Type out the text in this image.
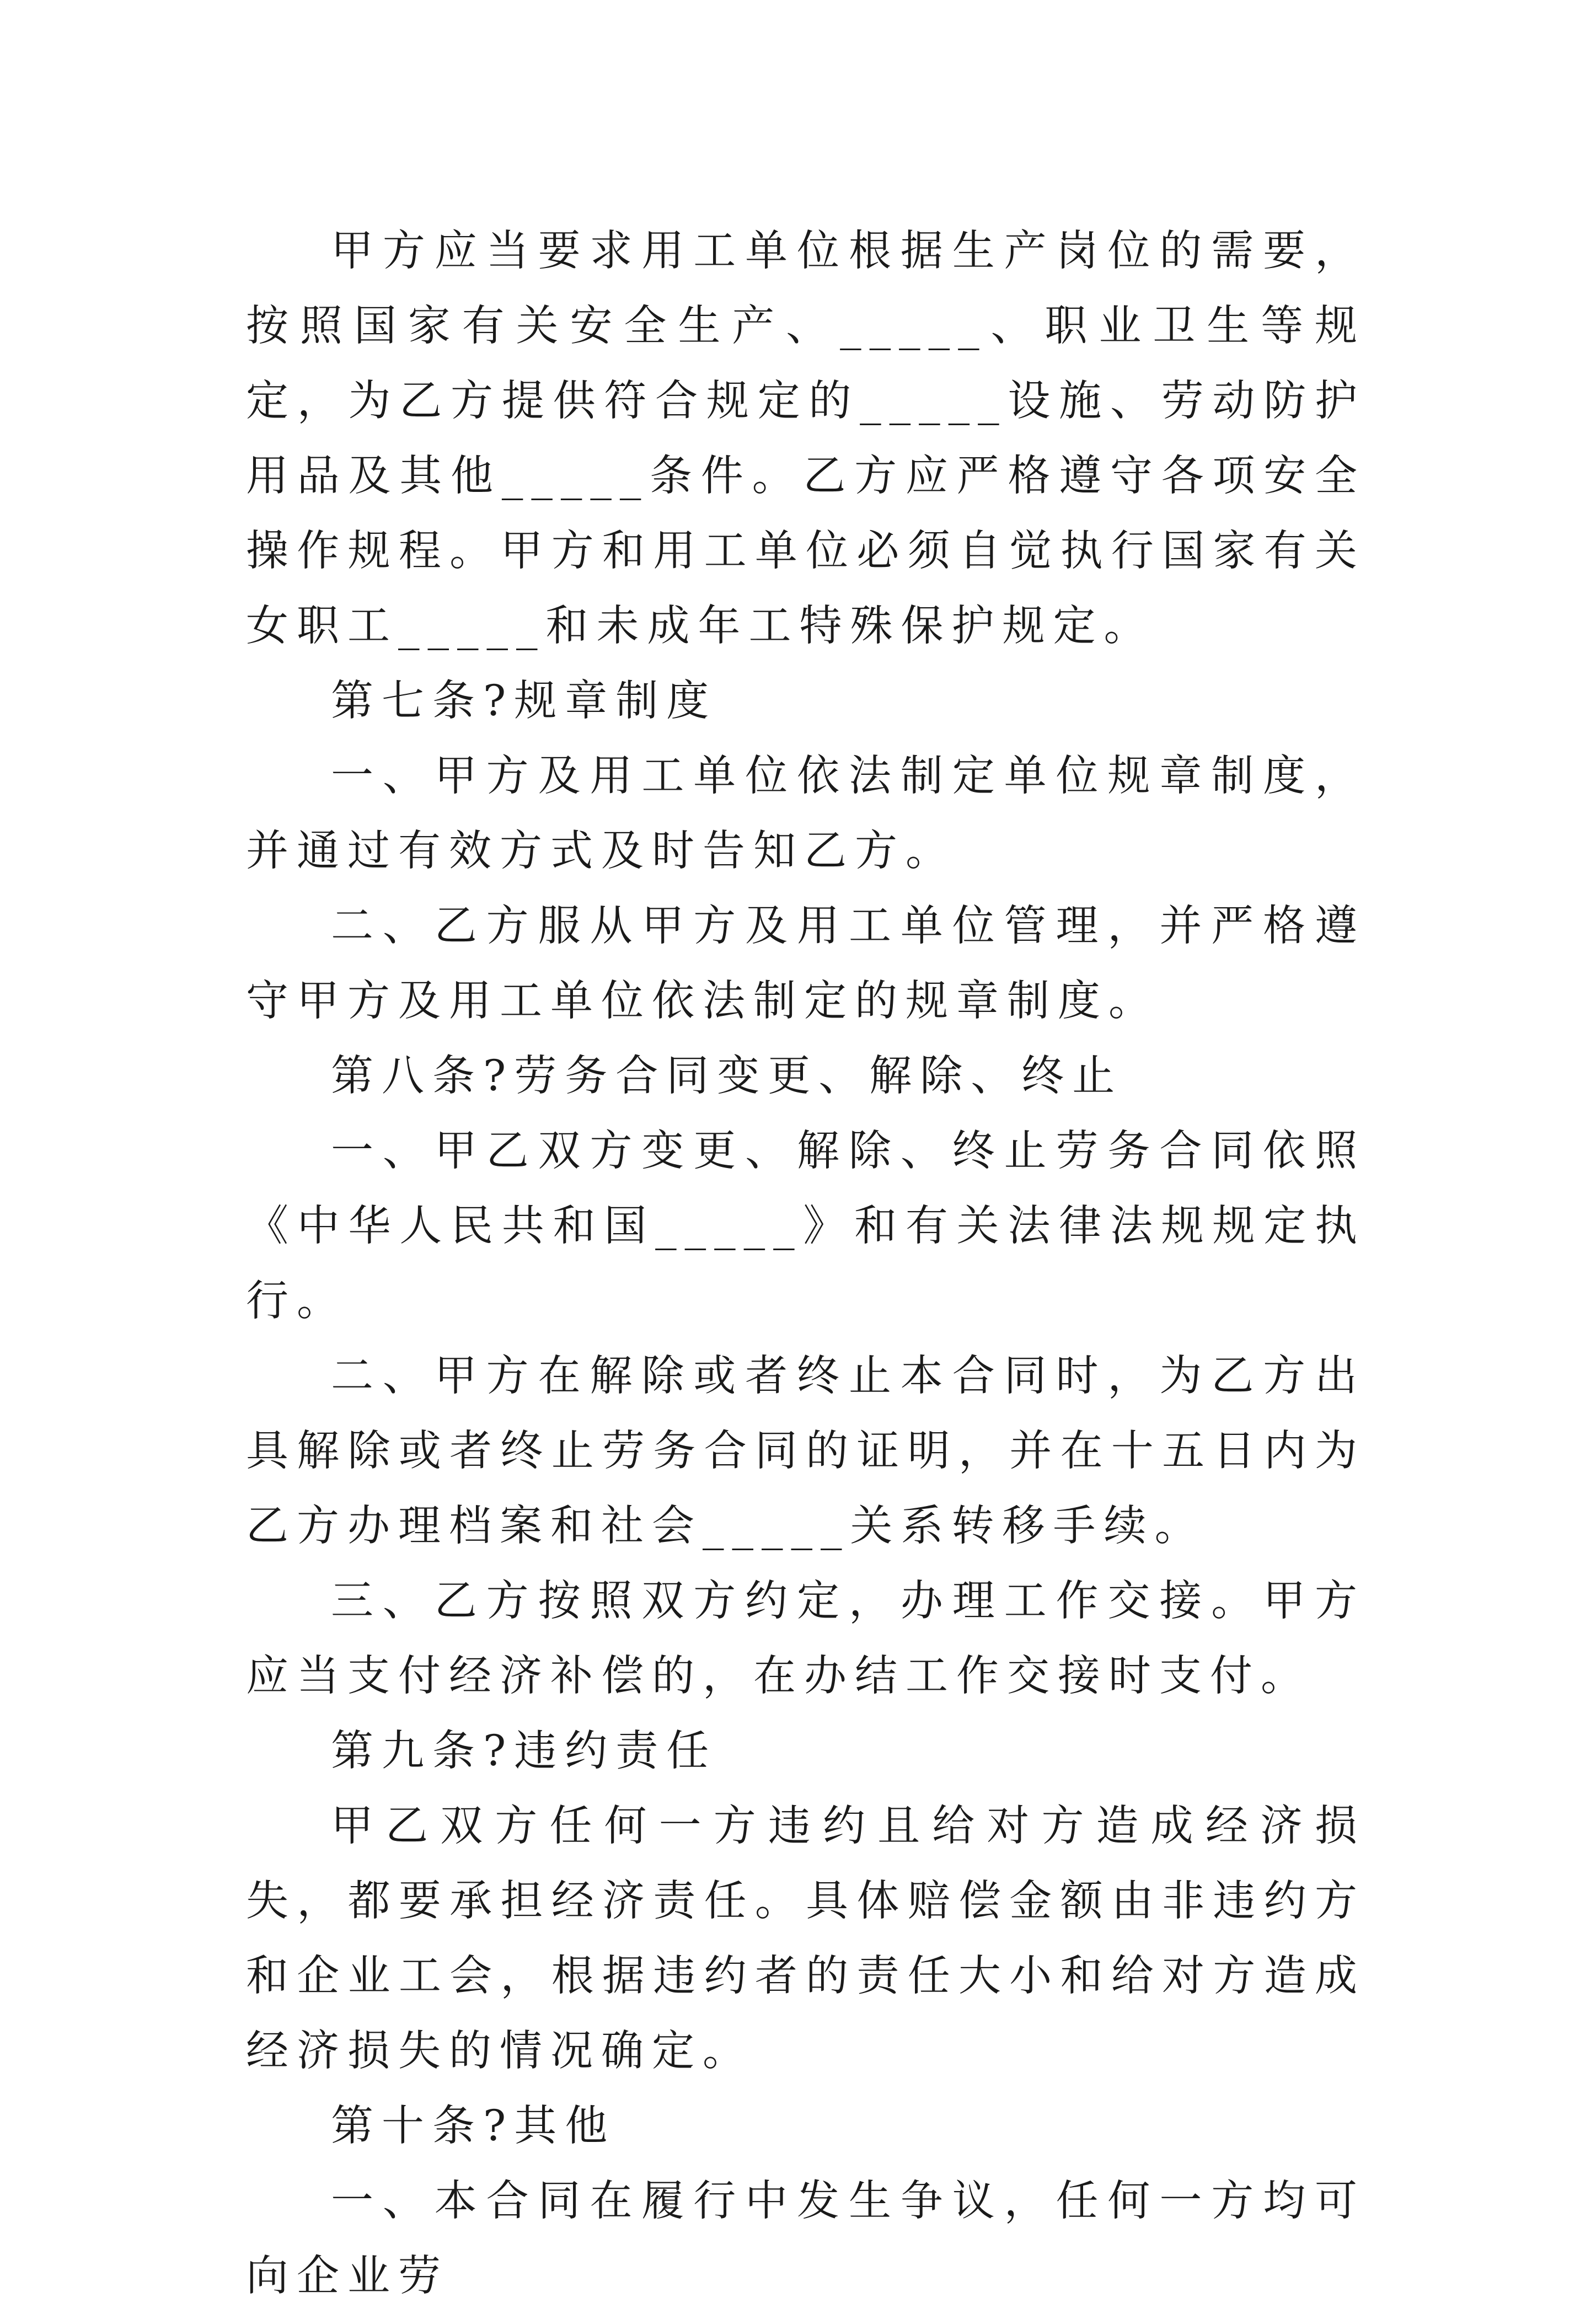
甲方应当要求用工单位根据生产岗位的需要，按照国家有关安全生产、_____、职业卫生等规定，为乙方提供符合规定的_____设施、劳动防护用品及其他_____条件。乙方应严格遵守各项安全操作规程。甲方和用工单位必须自觉执行国家有关女职工_____和未成年工特殊保护规定。

第七条?规章制度

一、甲方及用工单位依法制定单位规章制度，并通过有效方式及时告知乙方。

二、乙方服从甲方及用工单位管理，并严格遵守甲方及用工单位依法制定的规章制度。

第八条?劳务合同变更、解除、终止

一、甲乙双方变更、解除、终止劳务合同依照《中华人民共和国_____》和有关法律法规规定执行。

二、甲方在解除或者终止本合同时，为乙方出具解除或者终止劳务合同的证明，并在十五日内为乙方办理档案和社会_____关系转移手续。

三、乙方按照双方约定，办理工作交接。甲方应当支付经济补偿的，在办结工作交接时支付。

第九条?违约责任

甲乙双方任何一方违约且给对方造成经济损失，都要承担经济责任。具体赔偿金额由非违约方和企业工会，根据违约者的责任大小和给对方造成经济损失的情况确定。

第十条?其他

一、本合同在履行中发生争议，任何一方均可向企业劳
